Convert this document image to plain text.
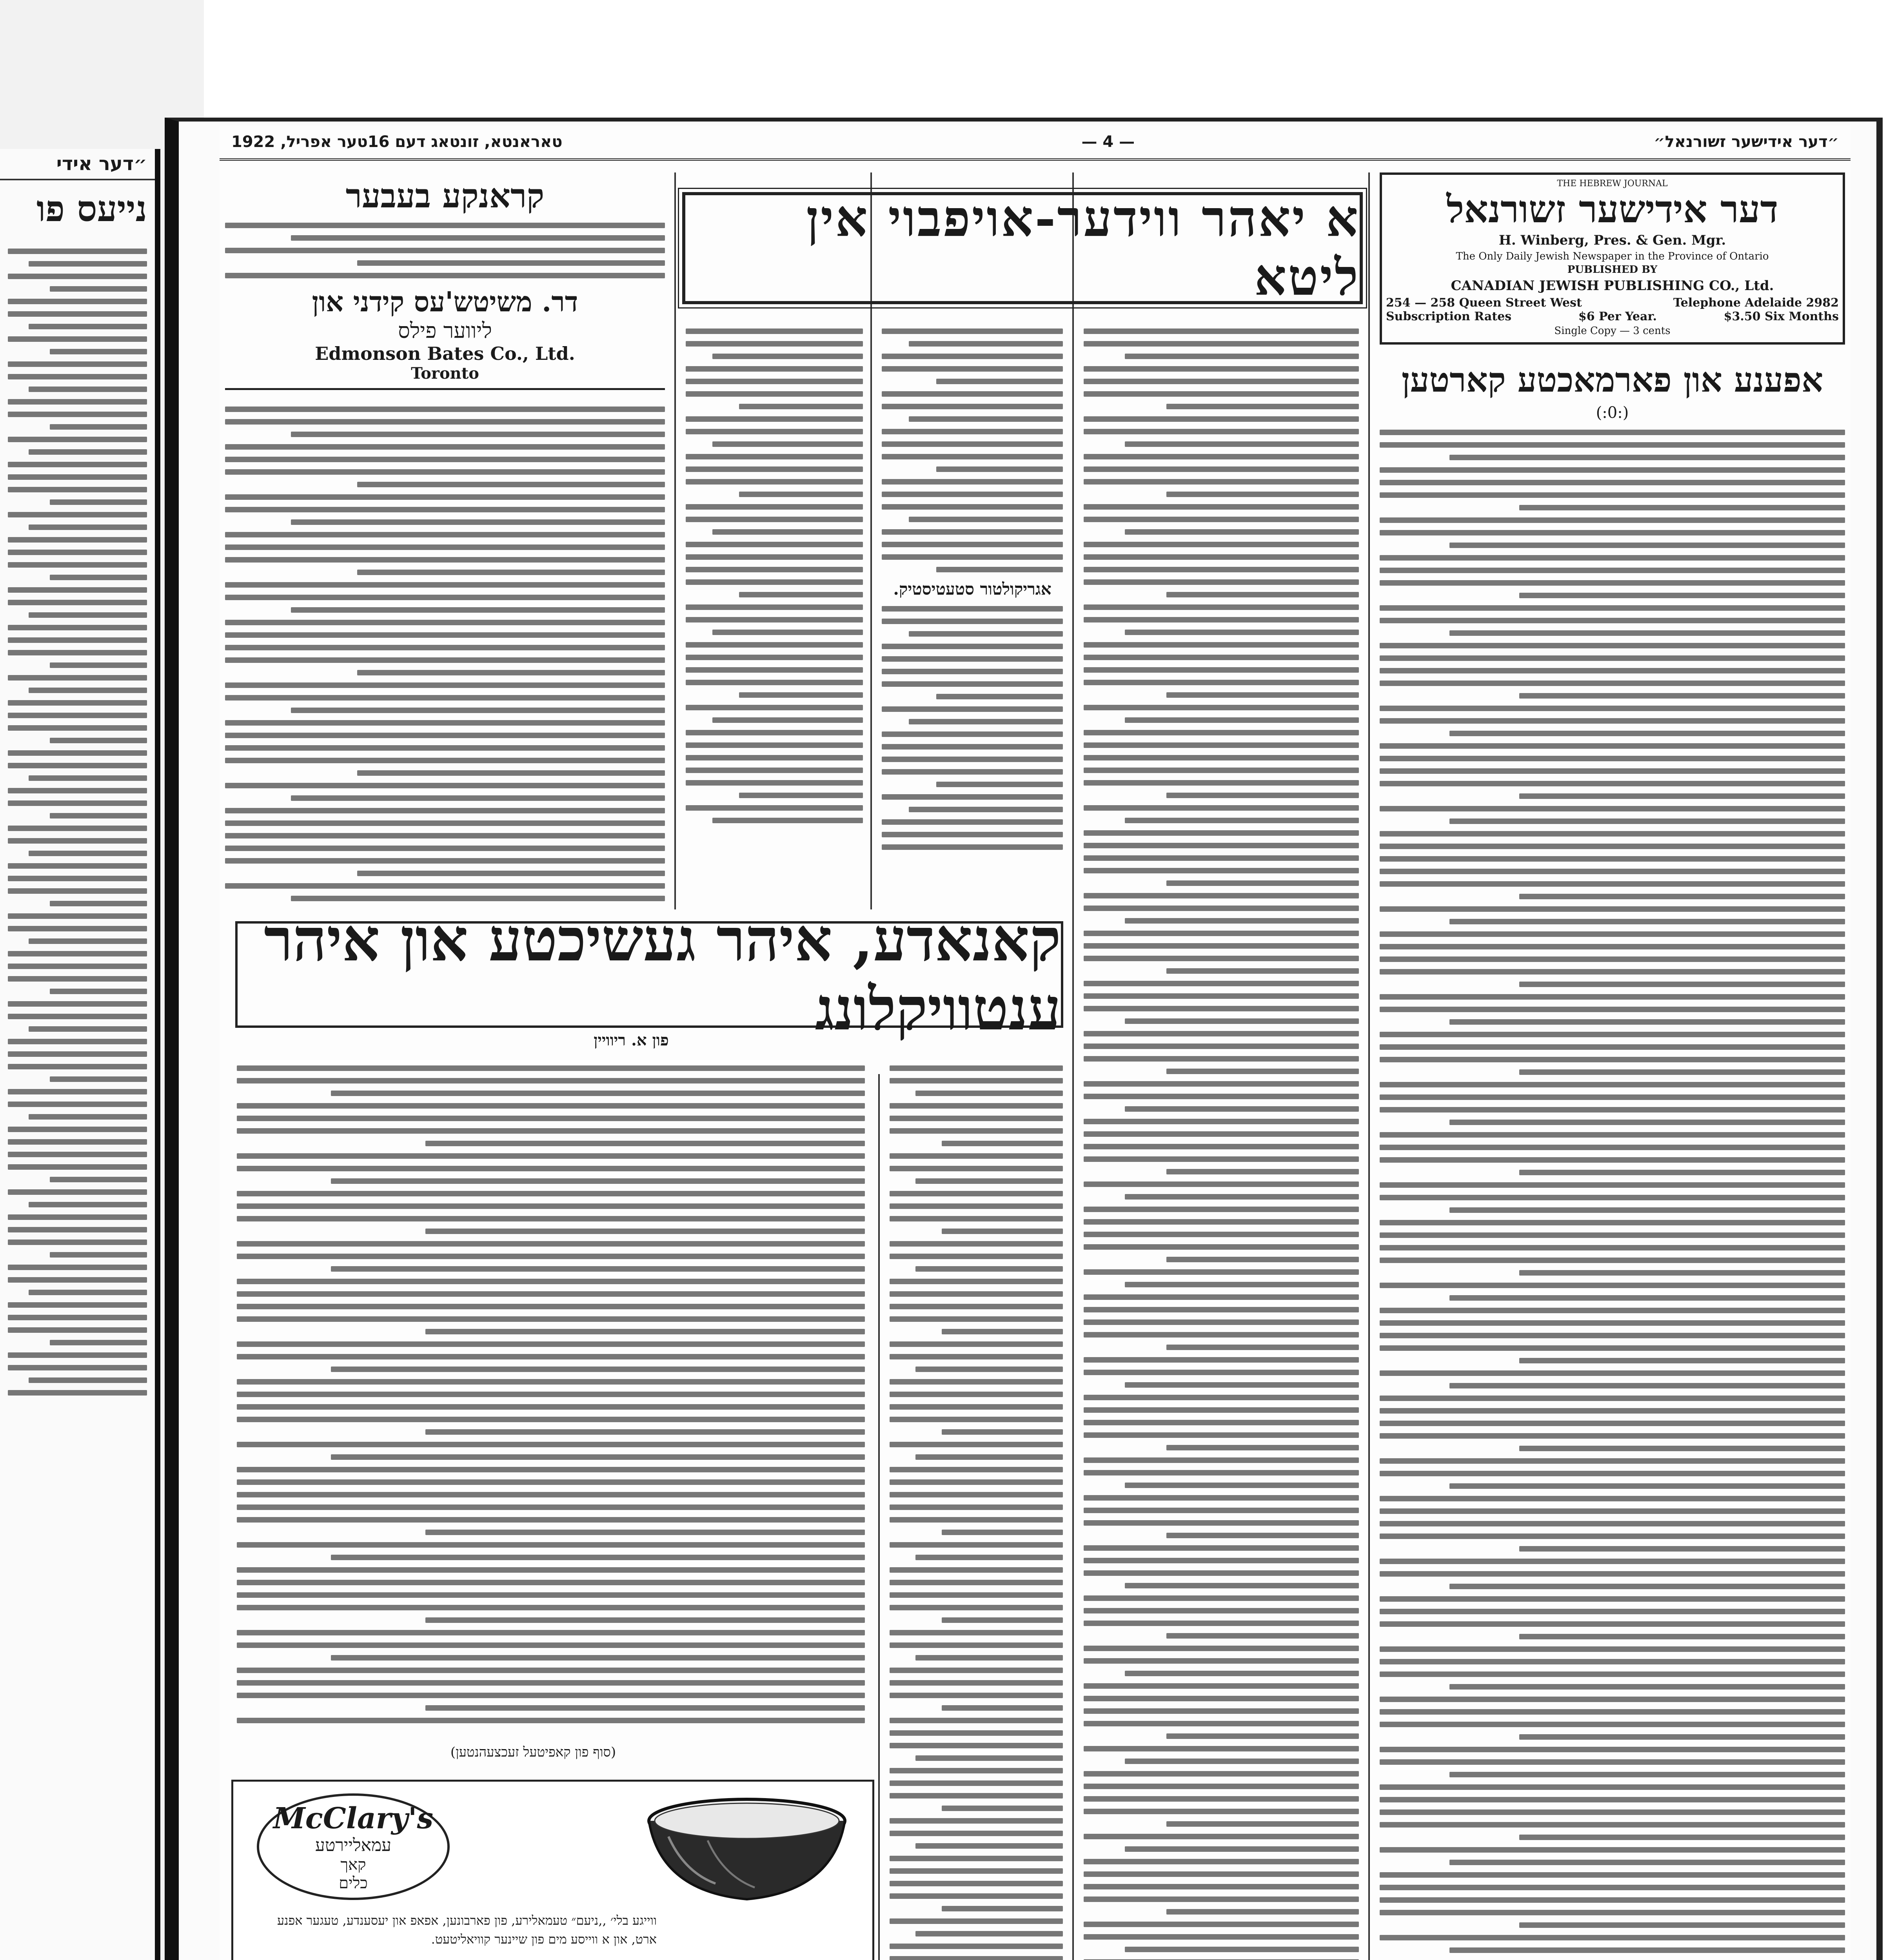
״דער אידי
נייעס פו
״דער אידישער זשורנאל״
— 4 —
טאראנטא, זונטאג דעם 16טער אפריל, 1922
THE HEBREW JOURNAL
דער אידישער זשורנאל
H. Winberg, Pres. & Gen. Mgr.
The Only Daily Jewish Newspaper in the Province of Ontario
PUBLISHED BY
CANADIAN JEWISH PUBLISHING CO., Ltd.
254 — 258 Queen Street West	Telephone Adelaide 2982
Subscription Rates	$6 Per Year.	$3.50 Six Months
Single Copy — 3 cents
אפענע און פארמאכטע קארטען
(:0:)
א יאהר ווידער-אויפבוי אין ליטא
אגריקולטור סטעטיסטיק.
קראנקע בעבער
דר. משיטש'עס קידני און
ליווער פילס
Edmonson Bates Co., Ltd.
Toronto
קאנאדע, איהר געשיכטע און איהר ענטוויקלונג
פון א. ריוויין
(סוף פון קאפיטעל זעכצעהנטען)
McClary's
עמאליירטע
קאך
כלים
ווייגע בלי׳ ,,ניעם״ טעמאלירע, פון פארבונען, אפאפ און יעסענדע, טעגער אפנע ארט, און א ווייסע מים פון שיינער קוויאליטעט.
